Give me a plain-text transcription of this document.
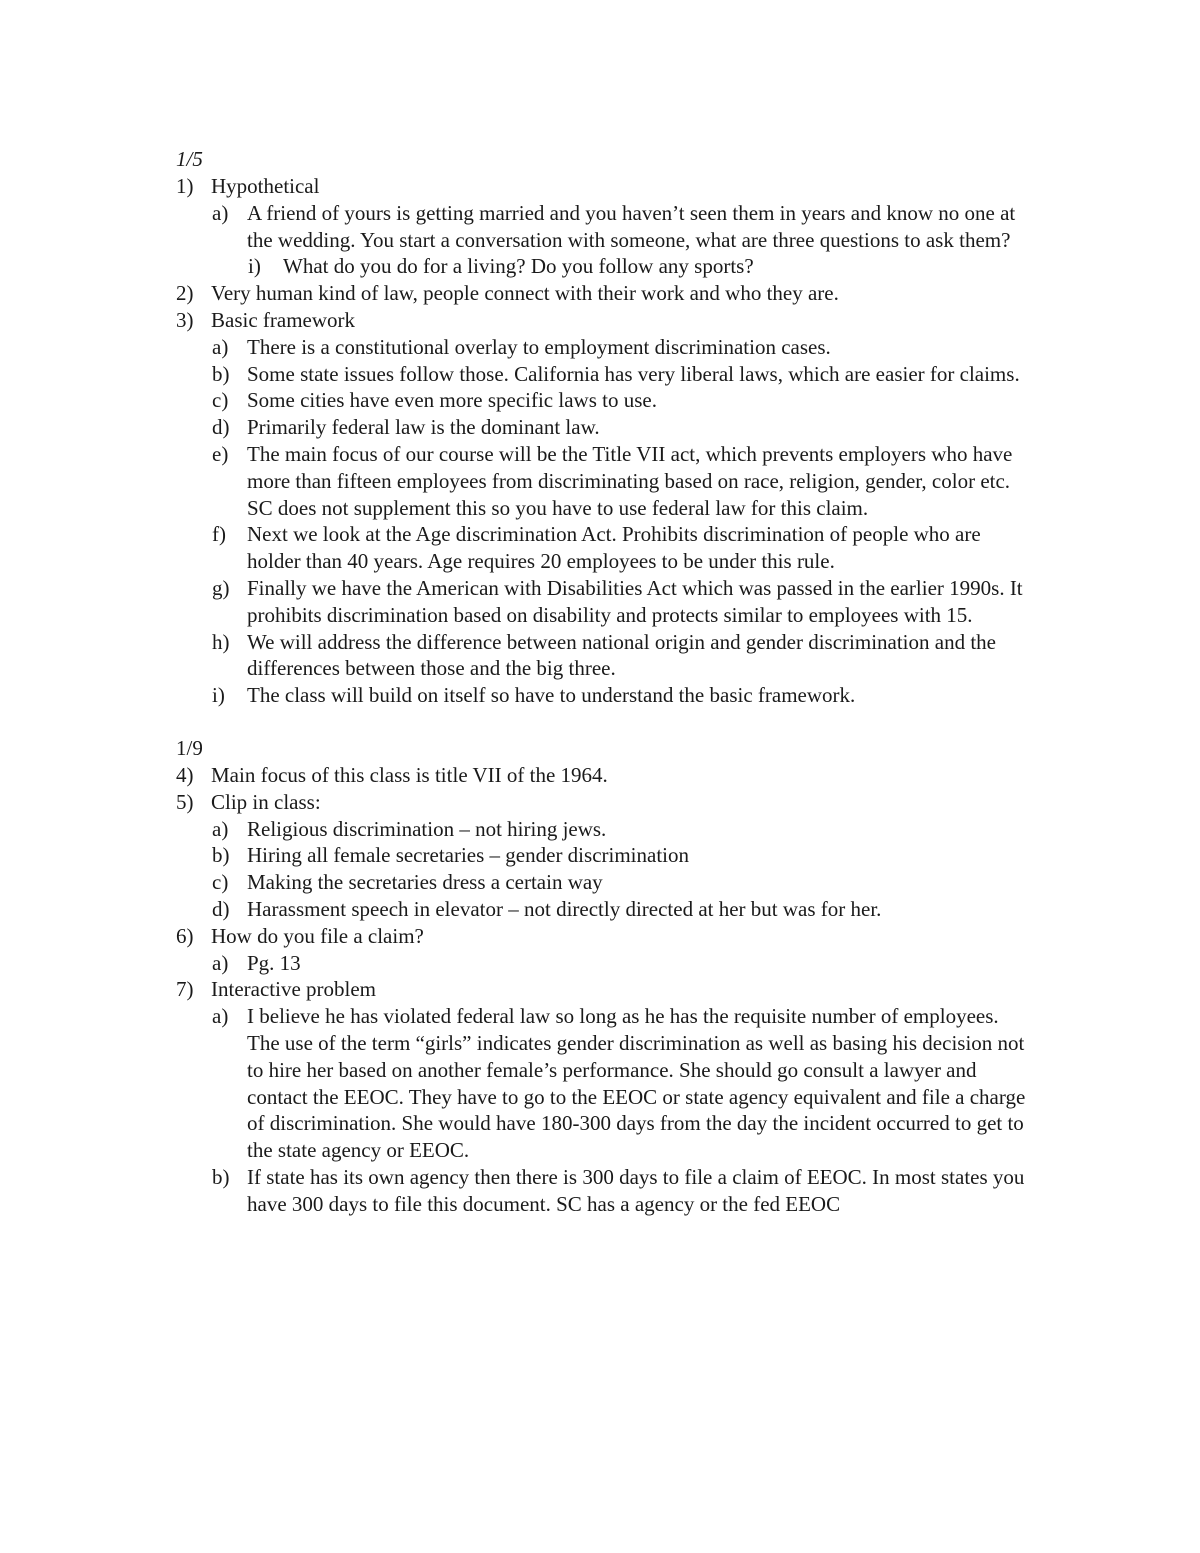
1/5
1) Hypothetical
a) A friend of yours is getting married and you haven’t seen them in years and know no one at the wedding. You start a conversation with someone, what are three questions to ask them?
i)	What do you do for a living? Do you follow any sports?
2) Very human kind of law, people connect with their work and who they are.
3) Basic framework
a) There is a constitutional overlay to employment discrimination cases.
b) Some state issues follow those. California has very liberal laws, which are easier for claims.
c) Some cities have even more specific laws to use.
d) Primarily federal law is the dominant law.
e) The main focus of our course will be the Title VII act, which prevents employers who have more than fifteen employees from discriminating based on race, religion, gender, color etc. SC does not supplement this so you have to use federal law for this claim.
f)	Next we look at the Age discrimination Act. Prohibits discrimination of people who are holder than 40 years. Age requires 20 employees to be under this rule.
g) Finally we have the American with Disabilities Act which was passed in the earlier 1990s. It prohibits discrimination based on disability and protects similar to employees with 15.
h) We will address the difference between national origin and gender discrimination and the differences between those and the big three.
i)	The class will build on itself so have to understand the basic framework.
1/9
4) Main focus of this class is title VII of the 1964.
5) Clip in class:
a) Religious discrimination – not hiring jews.
b) Hiring all female secretaries – gender discrimination
c) Making the secretaries dress a certain way
d) Harassment speech in elevator – not directly directed at her but was for her.
6) How do you file a claim?
a) Pg. 13
7) Interactive problem
a) I believe he has violated federal law so long as he has the requisite number of employees. The use of the term “girls” indicates gender discrimination as well as basing his decision not to hire her based on another female’s performance. She should go consult a lawyer and contact the EEOC. They have to go to the EEOC or state agency equivalent and file a charge of discrimination. She would have 180-300 days from the day the incident occurred to get to the state agency or EEOC.
b) If state has its own agency then there is 300 days to file a claim of EEOC. In most states you have 300 days to file this document. SC has a agency or the fed EEOC
